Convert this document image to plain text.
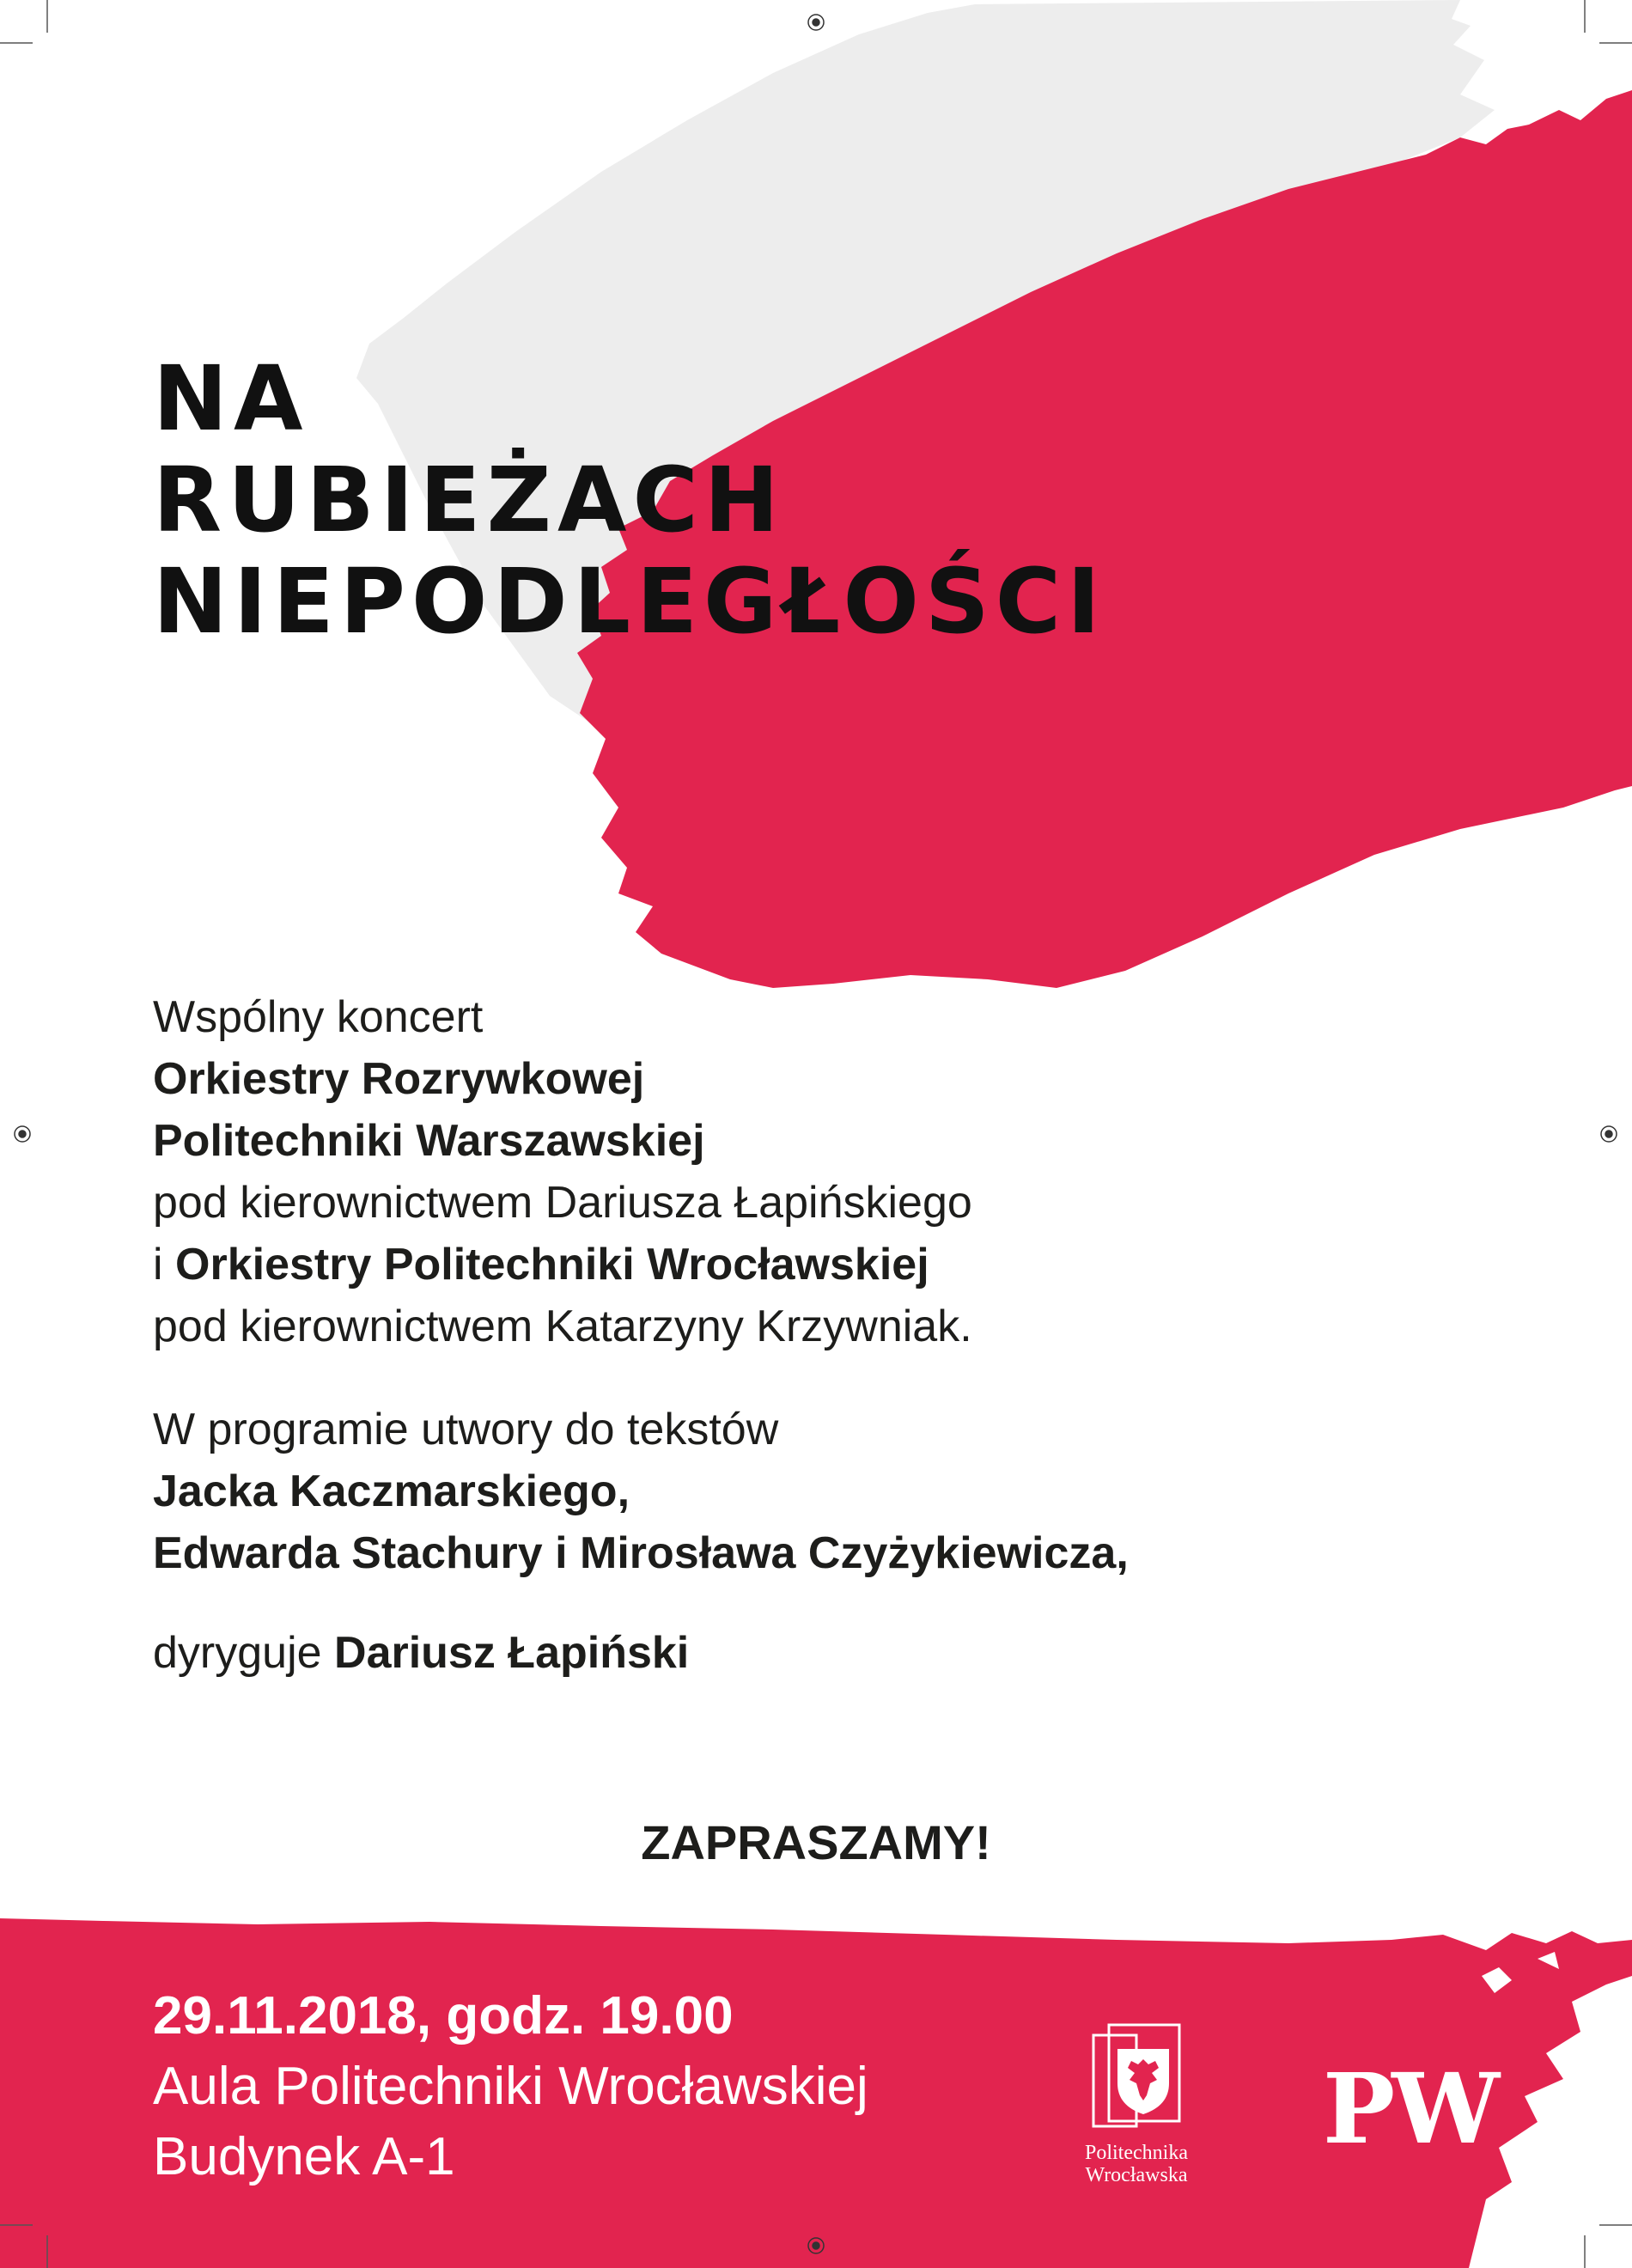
NA
RUBIEŻACH
NIEPODLEGŁOŚCI

Wspólny koncert

Orkiestry Rozrywkowej

Politechniki Warszawskiej

pod kierownictwem Dariusza Łapińskiego

i Orkiestry Politechniki Wrocławskiej

pod kierownictwem Katarzyny Krzywniak.

W programie utwory do tekstów

Jacka Kaczmarskiego,

Edwarda Stachury i Mirosława Czyżykiewicza,

dyryguje Dariusz Łapiński

ZAPRASZAMY!

29.11.2018, godz. 19.00

Aula Politechniki Wrocławskiej

Budynek A-1	Politechnika
Wrocławska
PW
